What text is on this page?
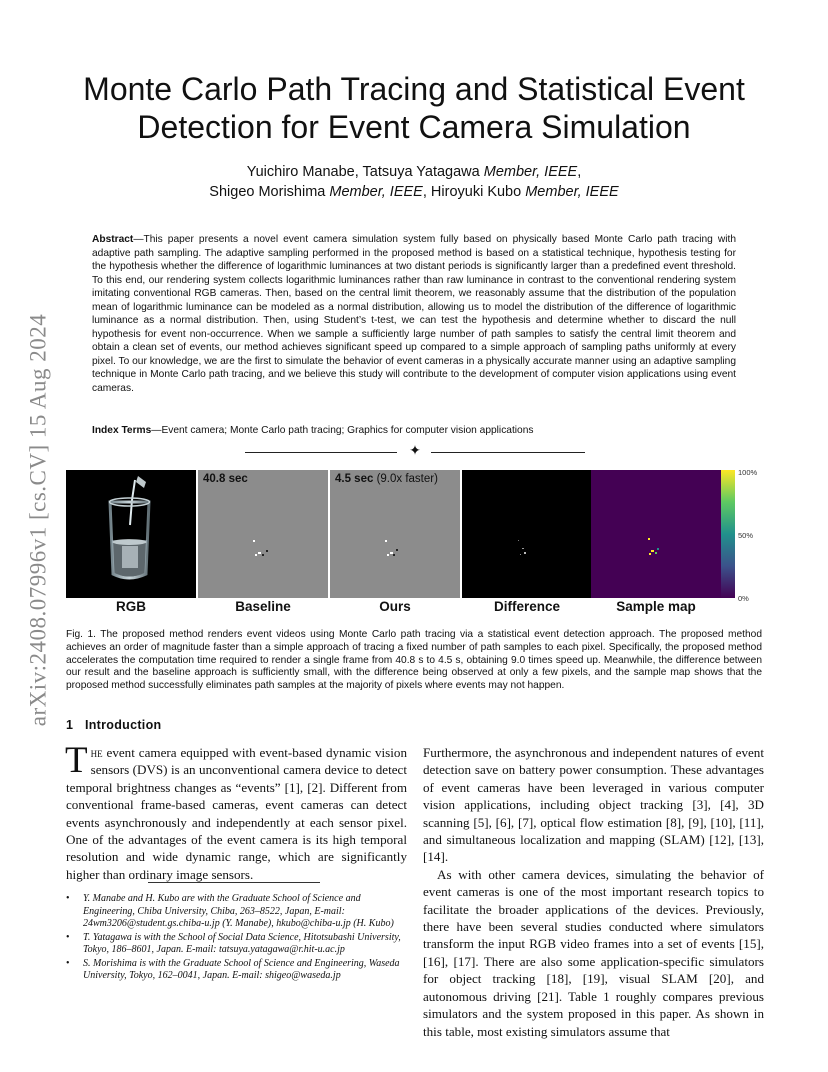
arXiv:2408.07996v1 [cs.CV] 15 Aug 2024
Monte Carlo Path Tracing and Statistical Event Detection for Event Camera Simulation
Yuichiro Manabe, Tatsuya Yatagawa Member, IEEE,
Shigeo Morishima Member, IEEE, Hiroyuki Kubo Member, IEEE
Abstract—This paper presents a novel event camera simulation system fully based on physically based Monte Carlo path tracing with adaptive path sampling. The adaptive sampling performed in the proposed method is based on a statistical technique, hypothesis testing for the hypothesis whether the difference of logarithmic luminances at two distant periods is significantly larger than a predefined event threshold. To this end, our rendering system collects logarithmic luminances rather than raw luminance in contrast to the conventional rendering system imitating conventional RGB cameras. Then, based on the central limit theorem, we reasonably assume that the distribution of the population mean of logarithmic luminance can be modeled as a normal distribution, allowing us to model the distribution of the difference of logarithmic luminance as a normal distribution. Then, using Student’s t-test, we can test the hypothesis and determine whether to discard the null hypothesis for event non-occurrence. When we sample a sufficiently large number of path samples to satisfy the central limit theorem and obtain a clean set of events, our method achieves significant speed up compared to a simple approach of sampling paths uniformly at every pixel. To our knowledge, we are the first to simulate the behavior of event cameras in a physically accurate manner using an adaptive sampling technique in Monte Carlo path tracing, and we believe this study will contribute to the development of computer vision applications using event cameras.
Index Terms—Event camera; Monte Carlo path tracing; Graphics for computer vision applications
✦
RGB
40.8 sec
Baseline
4.5 sec (9.0x faster)
Ours	Difference	Sample map
100%
50%
0%
Fig. 1. The proposed method renders event videos using Monte Carlo path tracing via a statistical event detection approach. The proposed method achieves an order of magnitude faster than a simple approach of tracing a fixed number of path samples to each pixel. Specifically, the proposed method accelerates the computation time required to render a single frame from 40.8 s to 4.5 s, obtaining 9.0 times speed up. Meanwhile, the difference between our result and the baseline approach is sufficiently small, with the difference being observed at only a few pixels, and the sample map shows that the proposed method successfully eliminates path samples at the majority of pixels where events may not happen.
1 Introduction

The event camera equipped with event-based dynamic vision sensors (DVS) is an unconventional camera device to detect temporal brightness changes as “events” [1], [2]. Different from conventional frame-based cameras, event cameras can detect events asynchronously and independently at each sensor pixel. One of the advantages of the event camera is its high temporal resolution and wide dynamic range, which are significantly higher than ordinary image sensors.

Furthermore, the asynchronous and independent natures of event detection save on battery power consumption. These advantages of event cameras have been leveraged in various computer vision applications, including object tracking [3], [4], 3D scanning [5], [6], [7], optical flow estimation [8], [9], [10], [11], and simultaneous localization and mapping (SLAM) [12], [13], [14].

As with other camera devices, simulating the behavior of event cameras is one of the most important research topics to facilitate the broader applications of the devices. Previously, there have been several studies conducted where simulators transform the input RGB video frames into a set of events [15], [16], [17]. There are also some application-specific simulators for object tracking [18], [19], visual SLAM [20], and autonomous driving [21]. Table 1 roughly compares previous simulators and the system proposed in this paper. As shown in this table, most existing simulators assume that

• Y. Manabe and H. Kubo are with the Graduate School of Science and Engineering, Chiba University, Chiba, 263–8522, Japan, E-mail: 24wm3206@student.gs.chiba-u.jp (Y. Manabe), hkubo@chiba-u.jp (H. Kubo)
• T. Yatagawa is with the School of Social Data Science, Hitotsubashi University, Tokyo, 186–8601, Japan. E-mail: tatsuya.yatagawa@r.hit-u.ac.jp
• S. Morishima is with the Graduate School of Science and Engineering, Waseda University, Tokyo, 162–0041, Japan. E-mail: shigeo@waseda.jp
